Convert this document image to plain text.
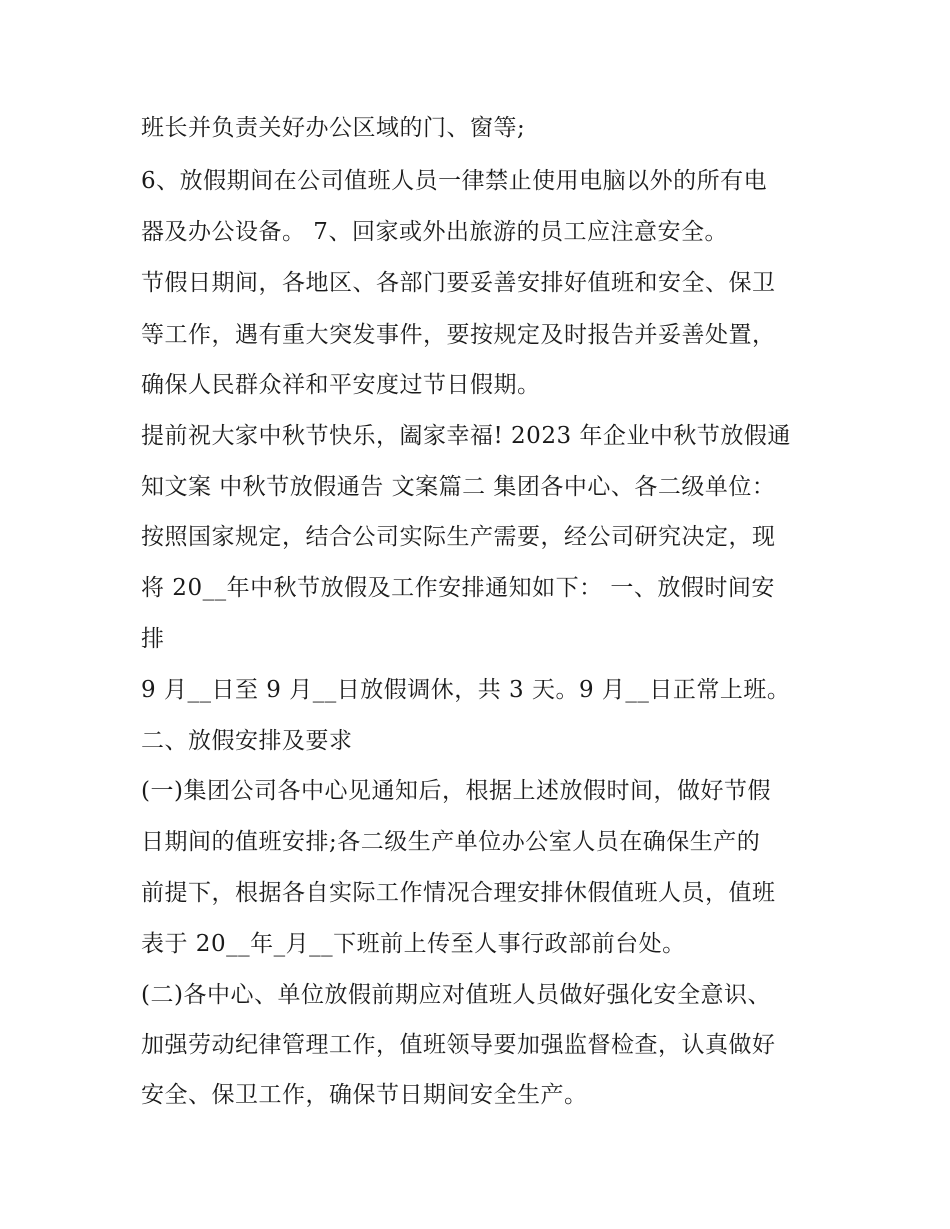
班长并负责关好办公区域的门、窗等;
6、放假期间在公司值班人员一律禁止使用电脑以外的所有电
器及办公设备。 7、回家或外出旅游的员工应注意安全。
节假日期间，各地区、各部门要妥善安排好值班和安全、保卫
等工作，遇有重大突发事件，要按规定及时报告并妥善处置，
确保人民群众祥和平安度过节日假期。
提前祝大家中秋节快乐，阖家幸福! 2023 年企业中秋节放假通
知文案 中秋节放假通告 文案篇二 集团各中心、各二级单位：
按照国家规定，结合公司实际生产需要，经公司研究决定，现
将 20__年中秋节放假及工作安排通知如下： 一、放假时间安
排
9 月__日至 9 月__日放假调休，共 3 天。9 月__日正常上班。
二、放假安排及要求
(一)集团公司各中心见通知后，根据上述放假时间，做好节假
日期间的值班安排;各二级生产单位办公室人员在确保生产的
前提下，根据各自实际工作情况合理安排休假值班人员，值班
表于 20__年_月__下班前上传至人事行政部前台处。
(二)各中心、单位放假前期应对值班人员做好强化安全意识、
加强劳动纪律管理工作，值班领导要加强监督检查，认真做好
安全、保卫工作，确保节日期间安全生产。
